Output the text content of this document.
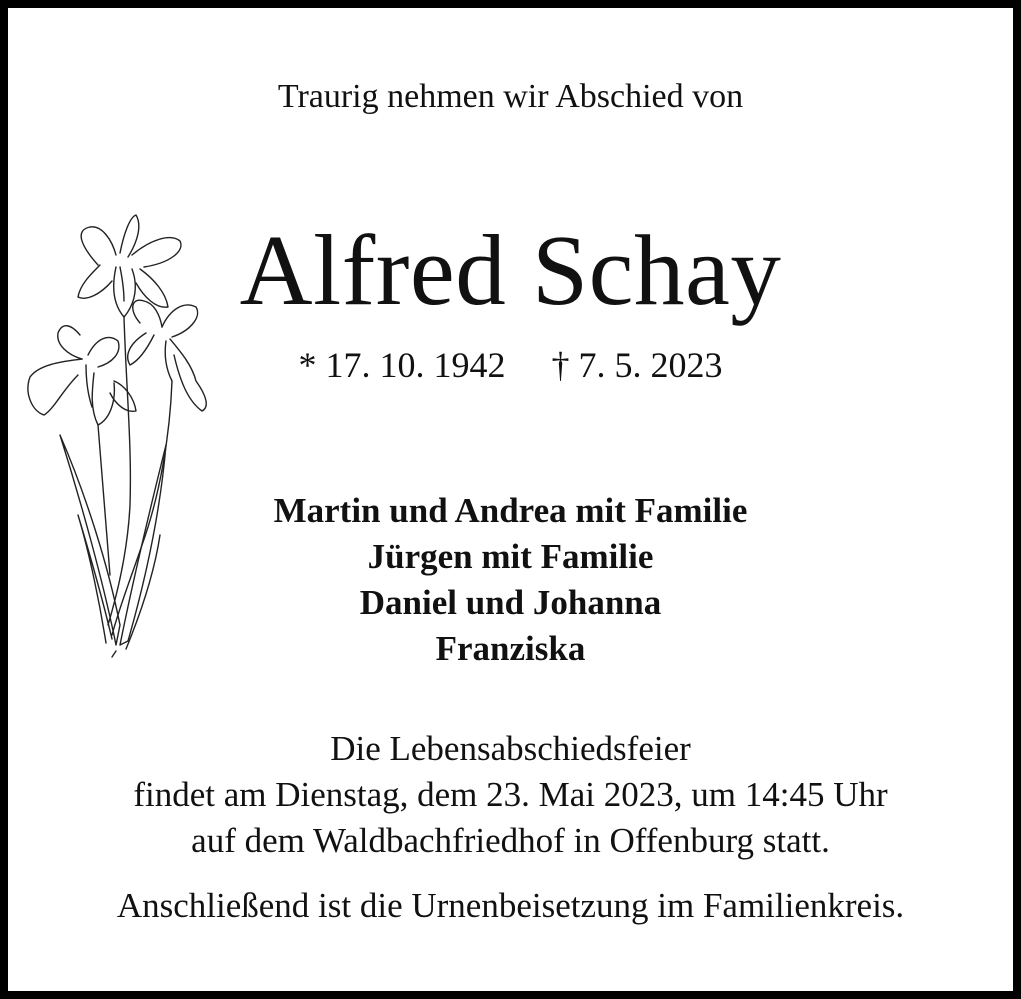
Traurig nehmen wir Abschied von
Alfred Schay
* 17. 10. 1942 † 7. 5. 2023
Martin und Andrea mit Familie
Jürgen mit Familie
Daniel und Johanna
Franziska
Die Lebensabschiedsfeier
findet am Dienstag, dem 23. Mai 2023, um 14:45 Uhr
auf dem Waldbachfriedhof in Offenburg statt.
Anschließend ist die Urnenbeisetzung im Familienkreis.
